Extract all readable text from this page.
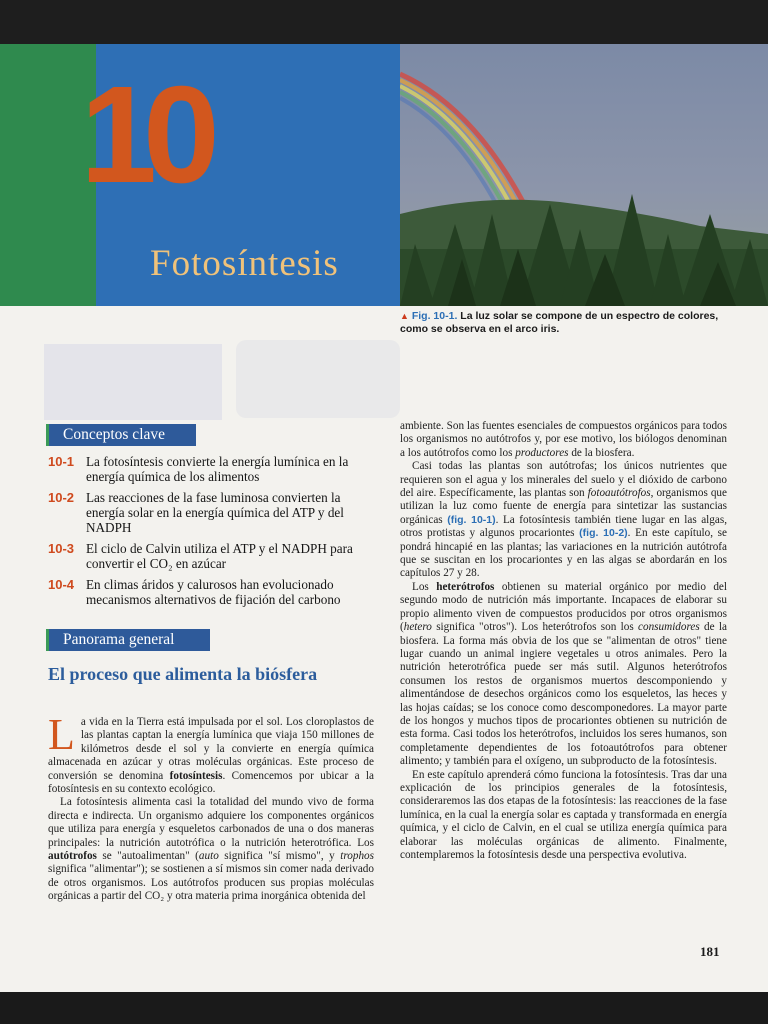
10
Fotosíntesis
▲ Fig. 10-1. La luz solar se compone de un espectro de colores, como se observa en el arco iris.
Conceptos clave
10-1 La fotosíntesis convierte la energía lumínica en la energía química de los alimentos
10-2 Las reacciones de la fase luminosa convierten la energía solar en la energía química del ATP y del NADPH
10-3 El ciclo de Calvin utiliza el ATP y el NADPH para convertir el CO₂ en azúcar
10-4 En climas áridos y calurosos han evolucionado mecanismos alternativos de fijación del carbono
Panorama general
El proceso que alimenta la biósfera

La vida en la Tierra está impulsada por el sol. Los cloroplastos de las plantas captan la energía lumínica que viaja 150 millones de kilómetros desde el sol y la convierte en energía química almacenada en azúcar y otras moléculas orgánicas. Este proceso de conversión se denomina fotosíntesis. Comencemos por ubicar a la fotosíntesis en su contexto ecológico.

La fotosíntesis alimenta casi la totalidad del mundo vivo de forma directa e indirecta. Un organismo adquiere los componentes orgánicos que utiliza para energía y esqueletos carbonados de una o dos maneras principales: la nutrición autotrófica o la nutrición heterotrófica. Los autótrofos se "autoalimentan" (auto significa "sí mismo", y trophos significa "alimentar"); se sostienen a sí mismos sin comer nada derivado de otros organismos. Los autótrofos producen sus propias moléculas orgánicas a partir del CO₂ y otra materia prima inorgánica obtenida del

ambiente. Son las fuentes esenciales de compuestos orgánicos para todos los organismos no autótrofos y, por ese motivo, los biólogos denominan a los autótrofos como los productores de la biosfera.

Casi todas las plantas son autótrofas; los únicos nutrientes que requieren son el agua y los minerales del suelo y el dióxido de carbono del aire. Específicamente, las plantas son fotoautótrofos, organismos que utilizan la luz como fuente de energía para sintetizar las sustancias orgánicas (fig. 10-1). La fotosíntesis también tiene lugar en las algas, otros protistas y algunos procariontes (fig. 10-2). En este capítulo, se pondrá hincapié en las plantas; las variaciones en la nutrición autótrofa que se suscitan en los procariontes y en las algas se abordarán en los capítulos 27 y 28.

Los heterótrofos obtienen su material orgánico por medio del segundo modo de nutrición más importante. Incapaces de elaborar su propio alimento viven de compuestos producidos por otros organismos (hetero significa "otros"). Los heterótrofos son los consumidores de la biosfera. La forma más obvia de los que se "alimentan de otros" tiene lugar cuando un animal ingiere vegetales u otros animales. Pero la nutrición heterotrófica puede ser más sutil. Algunos heterótrofos consumen los restos de organismos muertos descomponiendo y alimentándose de desechos orgánicos como los esqueletos, las heces y las hojas caídas; se los conoce como descomponedores. La mayor parte de los hongos y muchos tipos de procariontes obtienen su nutrición de esta forma. Casi todos los heterótrofos, incluidos los seres humanos, son completamente dependientes de los fotoautótrofos para obtener alimento; y también para el oxígeno, un subproducto de la fotosíntesis.

En este capítulo aprenderá cómo funciona la fotosíntesis. Tras dar una explicación de los principios generales de la fotosíntesis, consideraremos las dos etapas de la fotosíntesis: las reacciones de la fase lumínica, en la cual la energía solar es captada y transformada en energía química, y el ciclo de Calvin, en el cual se utiliza energía química para elaborar las moléculas orgánicas de alimento. Finalmente, contemplaremos la fotosíntesis desde una perspectiva evolutiva.

181
